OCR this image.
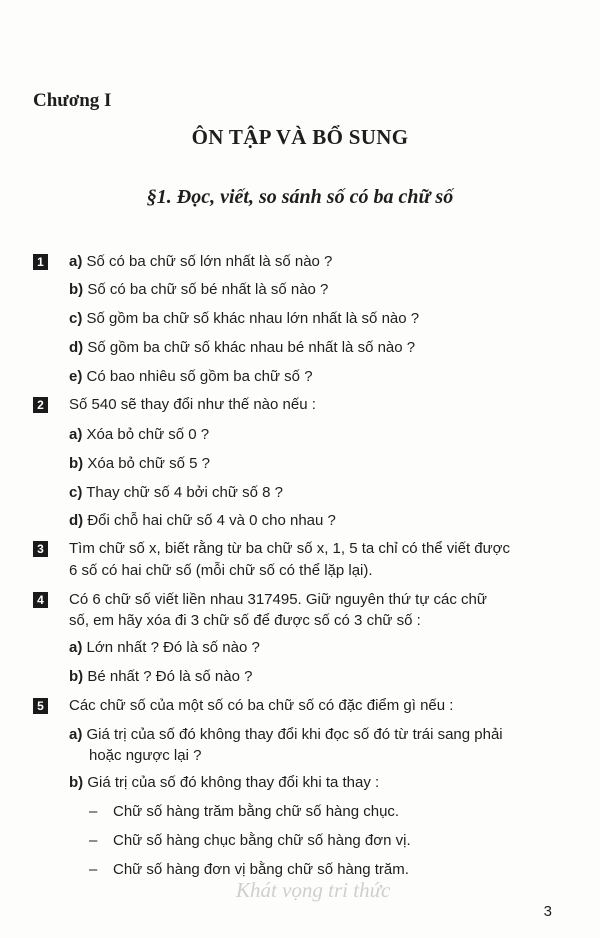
Chương I
ÔN TẬP VÀ BỔ SUNG
§1. Đọc, viết, so sánh số có ba chữ số
1 a) Số có ba chữ số lớn nhất là số nào ?
b) Số có ba chữ số bé nhất là số nào ?
c) Số gồm ba chữ số khác nhau lớn nhất là số nào ?
d) Số gồm ba chữ số khác nhau bé nhất là số nào ?
e) Có bao nhiêu số gồm ba chữ số ?
2 Số 540 sẽ thay đổi như thế nào nếu :
a) Xóa bỏ chữ số 0 ?
b) Xóa bỏ chữ số 5 ?
c) Thay chữ số 4 bởi chữ số 8 ?
d) Đổi chỗ hai chữ số 4 và 0 cho nhau ?
3 Tìm chữ số x, biết rằng từ ba chữ số x, 1, 5 ta chỉ có thể viết được
6 số có hai chữ số (mỗi chữ số có thể lặp lại).
4 Có 6 chữ số viết liền nhau 317495. Giữ nguyên thứ tự các chữ
số, em hãy xóa đi 3 chữ số để được số có 3 chữ số :
a) Lớn nhất ? Đó là số nào ?
b) Bé nhất ? Đó là số nào ?
5 Các chữ số của một số có ba chữ số có đặc điểm gì nếu :
a) Giá trị của số đó không thay đổi khi đọc số đó từ trái sang phải
hoặc ngược lại ?
b) Giá trị của số đó không thay đổi khi ta thay :
– Chữ số hàng trăm bằng chữ số hàng chục.
– Chữ số hàng chục bằng chữ số hàng đơn vị.
– Chữ số hàng đơn vị bằng chữ số hàng trăm.
Khát vọng tri thức
3
